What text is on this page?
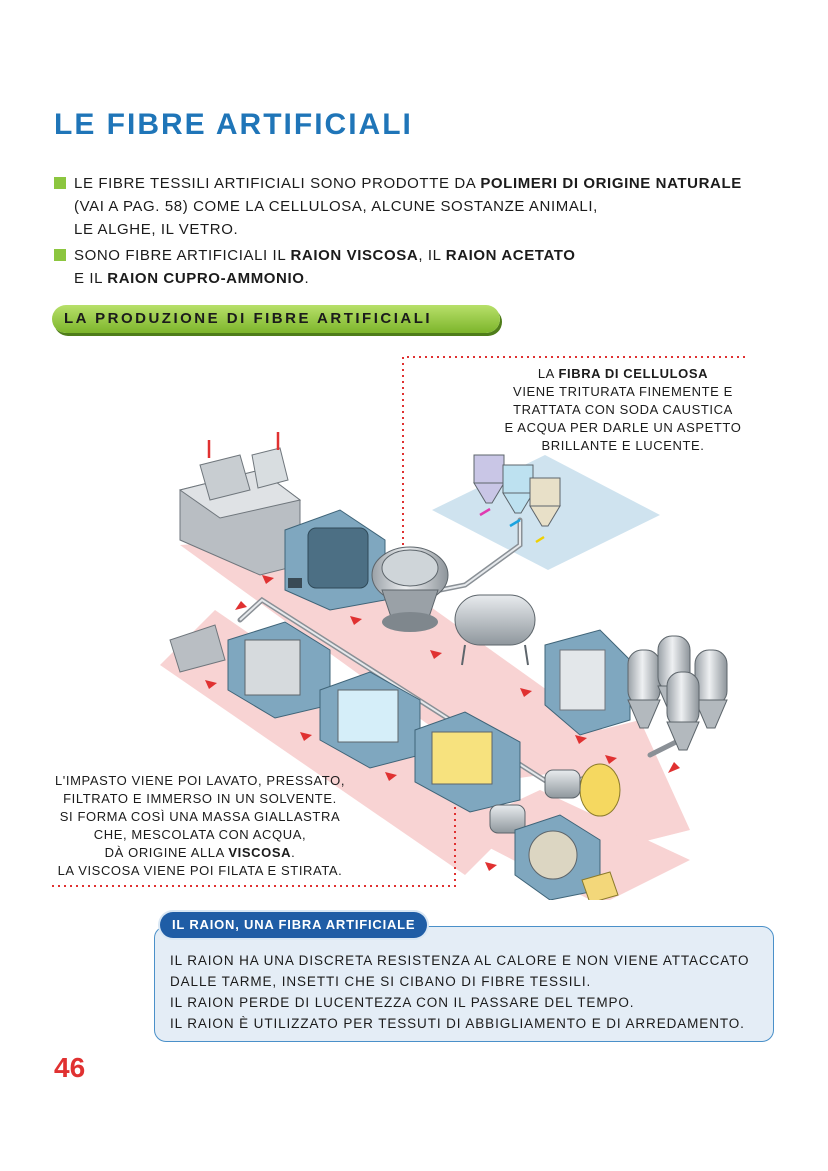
LE FIBRE ARTIFICIALI
LE FIBRE TESSILI ARTIFICIALI SONO PRODOTTE DA POLIMERI DI ORIGINE NATURALE
(VAI A PAG. 58) COME LA CELLULOSA, ALCUNE SOSTANZE ANIMALI,
LE ALGHE, IL VETRO.
SONO FIBRE ARTIFICIALI IL RAION VISCOSA, IL RAION ACETATO
E IL RAION CUPRO-AMMONIO.
LA PRODUZIONE DI FIBRE ARTIFICIALI
LA FIBRA DI CELLULOSA
VIENE TRITURATA FINEMENTE E
TRATTATA CON SODA CAUSTICA
E ACQUA PER DARLE UN ASPETTO
BRILLANTE E LUCENTE.
L'IMPASTO VIENE POI LAVATO, PRESSATO,
FILTRATO E IMMERSO IN UN SOLVENTE.
SI FORMA COSÌ UNA MASSA GIALLASTRA
CHE, MESCOLATA CON ACQUA,
DÀ ORIGINE ALLA VISCOSA.
LA VISCOSA VIENE POI FILATA E STIRATA.
IL RAION, UNA FIBRA ARTIFICIALE
IL RAION HA UNA DISCRETA RESISTENZA AL CALORE E NON VIENE ATTACCATO
DALLE TARME, INSETTI CHE SI CIBANO DI FIBRE TESSILI.
IL RAION PERDE DI LUCENTEZZA CON IL PASSARE DEL TEMPO.
IL RAION È UTILIZZATO PER TESSUTI DI ABBIGLIAMENTO E DI ARREDAMENTO.
46
